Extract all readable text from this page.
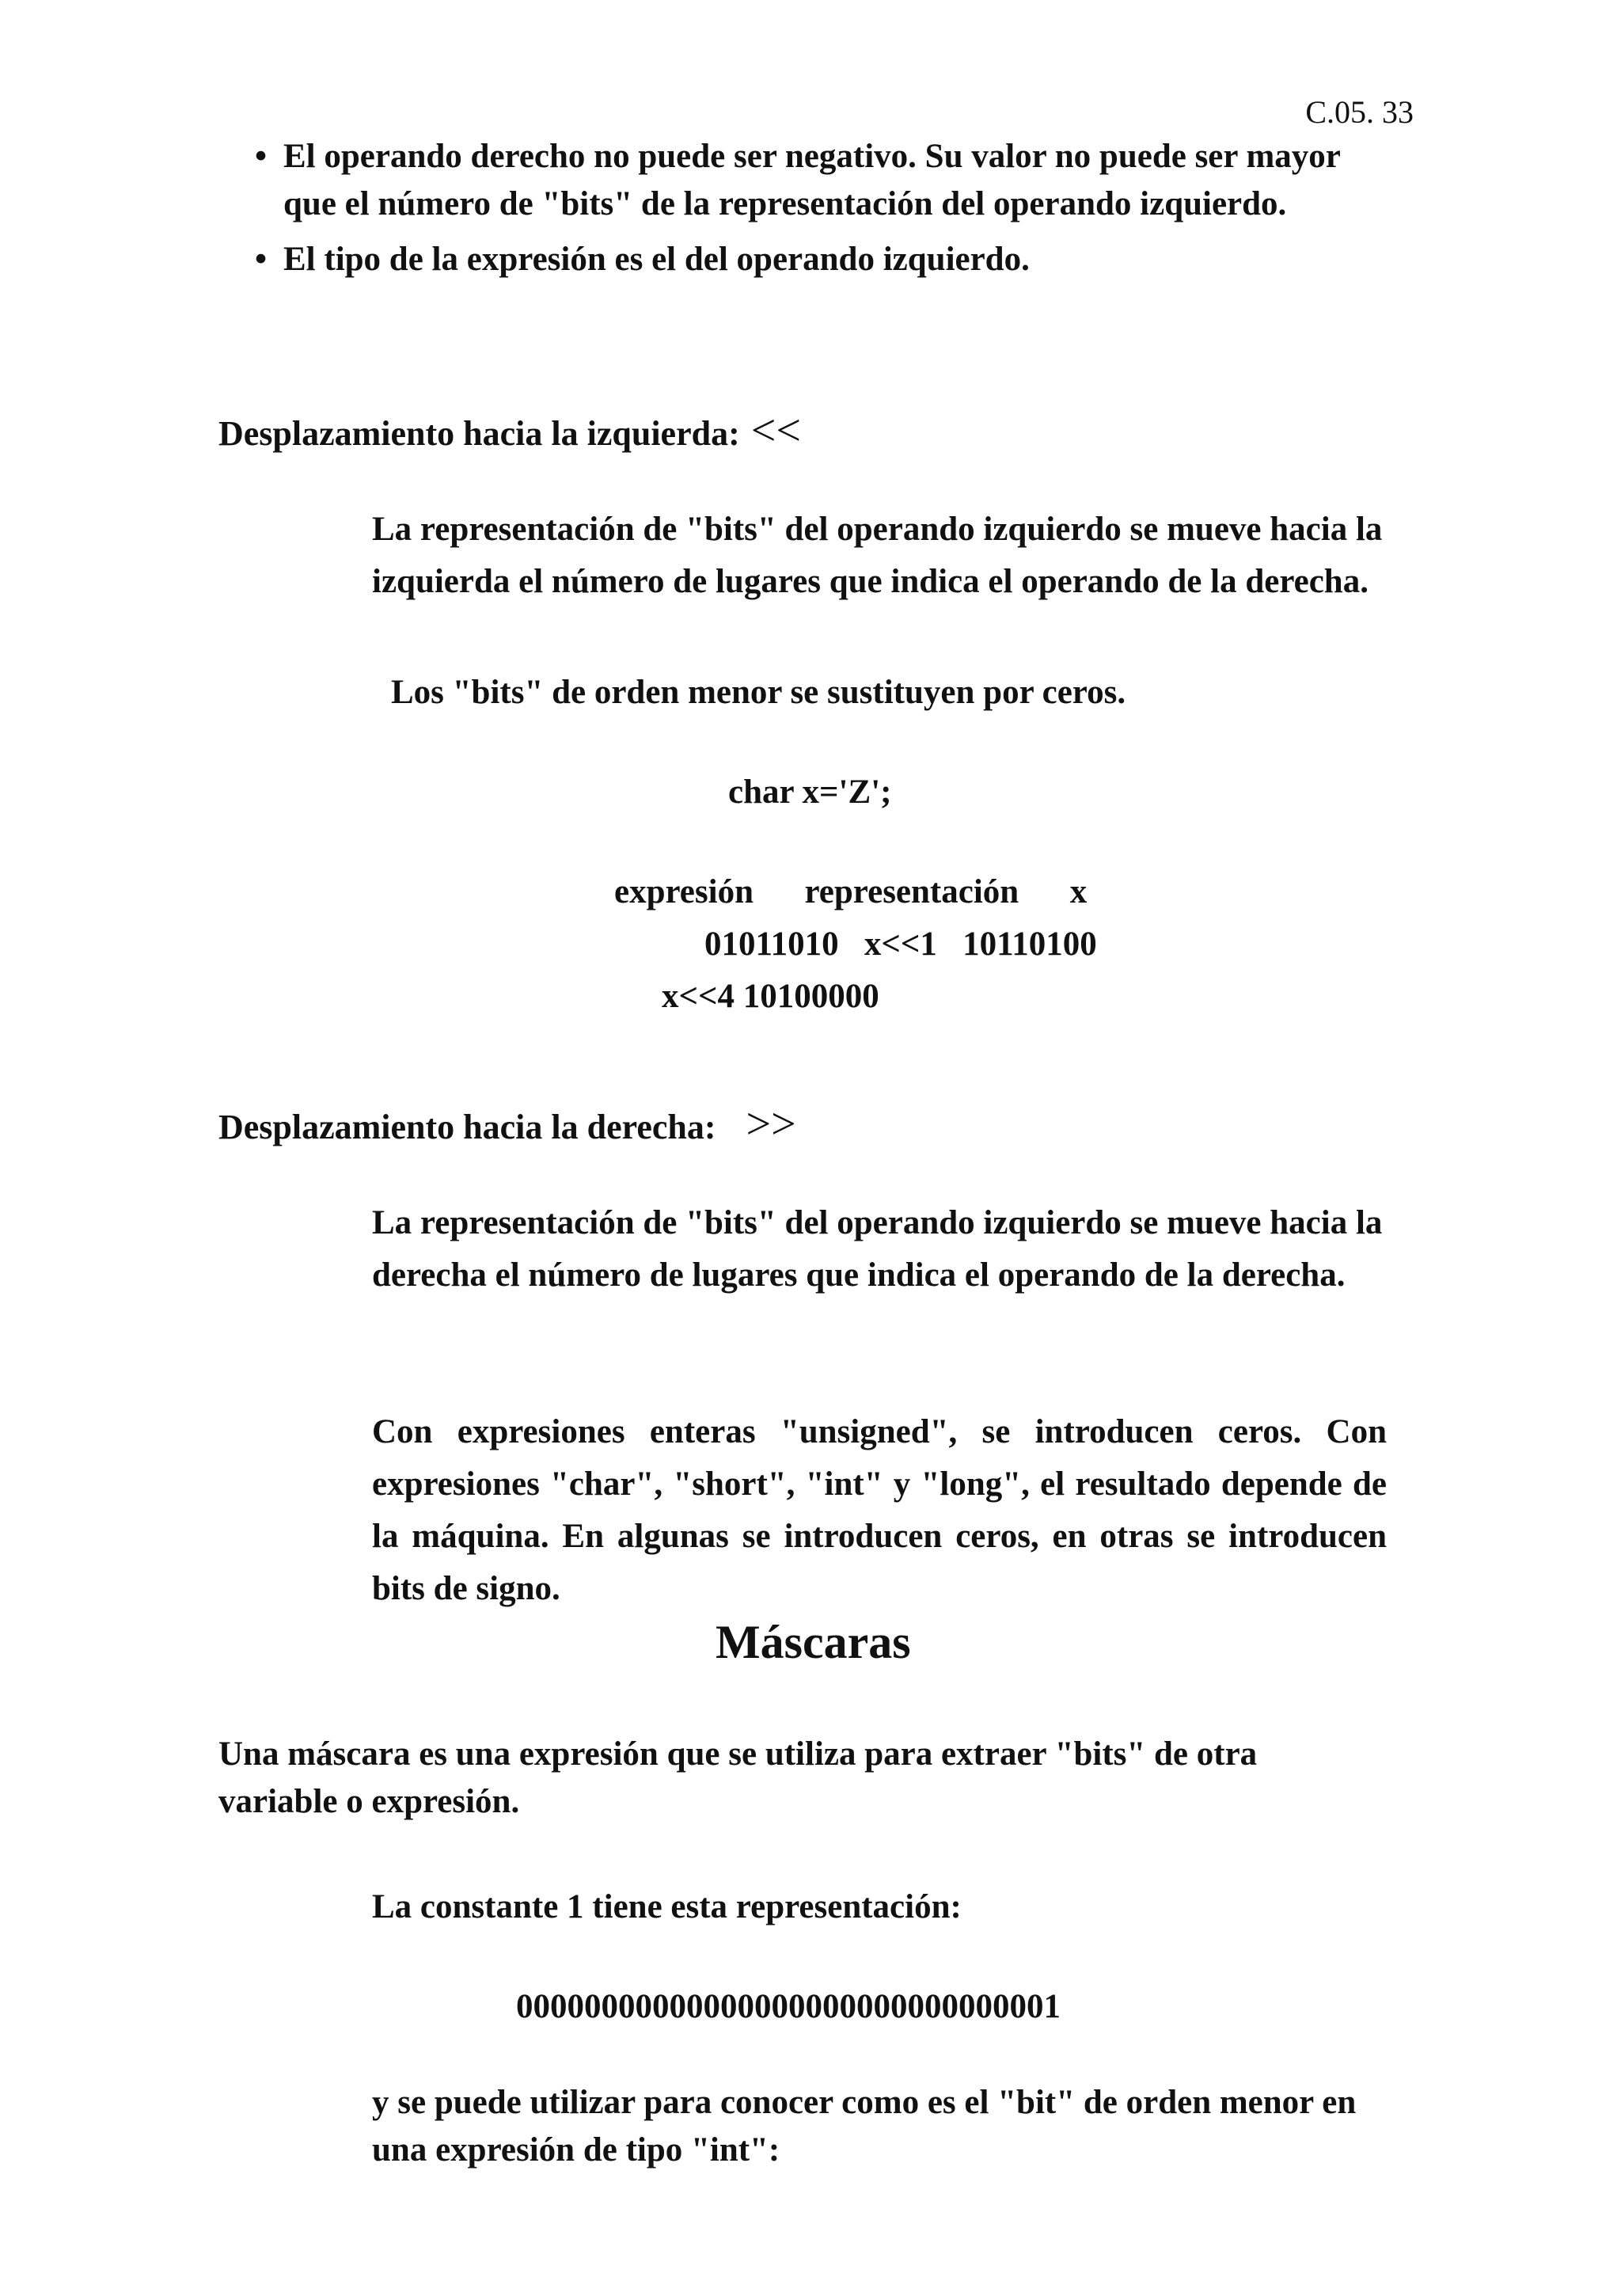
C.05. 33
• El operando derecho no puede ser negativo. Su valor no puede ser mayor que el número de "bits" de la representación del operando izquierdo.
• El tipo de la expresión es el del operando izquierdo.
Desplazamiento hacia la izquierda: <<
La representación de "bits" del operando izquierdo se mueve hacia la izquierda el número de lugares que indica el operando de la derecha.
Los "bits" de orden menor se sustituyen por ceros.
char x='Z';
expresión      representación      x
01011010   x<<1   10110100
x<<4 10100000
Desplazamiento hacia la derecha: >>
La representación de "bits" del operando izquierdo se mueve hacia la derecha el número de lugares que indica el operando de la derecha.
Con expresiones enteras "unsigned", se introducen ceros. Con expresiones "char", "short", "int" y "long", el resultado depende de la máquina. En algunas se introducen ceros, en otras se introducen bits de signo.
Máscaras
Una máscara es una expresión que se utiliza para extraer "bits" de otra variable o expresión.
La constante 1 tiene esta representación:
00000000000000000000000000000001
y se puede utilizar para conocer como es el "bit" de orden menor en una expresión de tipo "int":
